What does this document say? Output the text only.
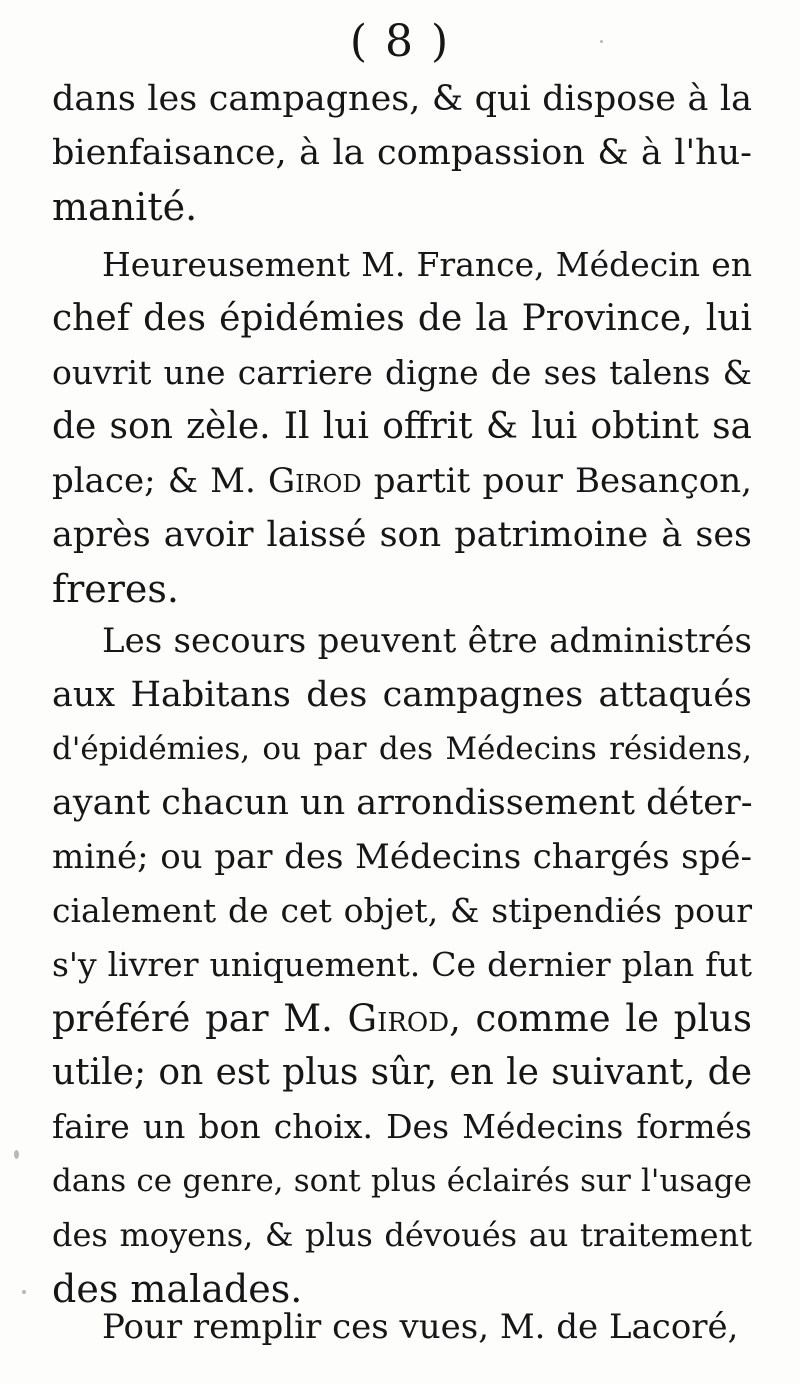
( 8 )
dans les campagnes, & qui dispose à la
bienfaisance, à la compassion & à l'hu-
manité.
Heureusement M. France, Médecin en
chef des épidémies de la Province, lui
ouvrit une carriere digne de ses talens &
de son zèle. Il lui offrit & lui obtint sa
place; & M. Girod partit pour Besançon,
après avoir laissé son patrimoine à ses
freres.
Les secours peuvent être administrés
aux Habitans des campagnes attaqués
d'épidémies, ou par des Médecins résidens,
ayant chacun un arrondissement déter-
miné; ou par des Médecins chargés spé-
cialement de cet objet, & stipendiés pour
s'y livrer uniquement. Ce dernier plan fut
préféré par M. Girod, comme le plus
utile; on est plus sûr, en le suivant, de
faire un bon choix. Des Médecins formés
dans ce genre, sont plus éclairés sur l'usage
des moyens, & plus dévoués au traitement
des malades.
Pour remplir ces vues, M. de Lacoré,
